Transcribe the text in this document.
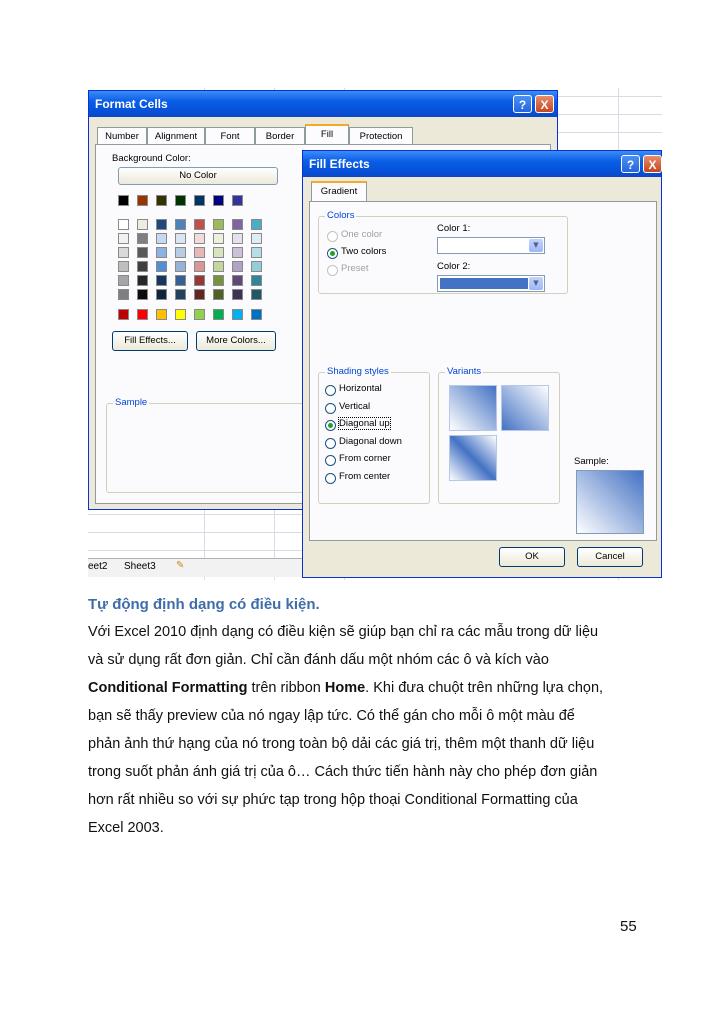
Format Cells	?	X
Number	Alignment	Font	Border	Fill	Protection
Background Color:
No Color
Fill Effects...	More Colors...
Sample
eet2 Sheet3 ✎
Fill Effects	?	X
Gradient
Colors
One color
Two colors
Preset
Color 1:
▼
Color 2:
▼
Shading styles
Horizontal
Vertical
Diagonal up
Diagonal down
From corner
From center
Variants
Sample:
OK	Cancel
Tự động định dạng có điều kiện.
Với Excel 2010 định dạng có điều kiện sẽ giúp bạn chỉ ra các mẫu trong dữ liệu
và sử dụng rất đơn giản. Chỉ cần đánh dấu một nhóm các ô và kích vào
Conditional Formatting trên ribbon Home. Khi đưa chuột trên những lựa chọn,
bạn sẽ thấy preview của nó ngay lập tức. Có thể gán cho mỗi ô một màu để
phản ảnh thứ hạng của nó trong toàn bộ dải các giá trị, thêm một thanh dữ liệu
trong suốt phản ánh giá trị của ô… Cách thức tiến hành này cho phép đơn giản
hơn rất nhiều so với sự phức tạp trong hộp thoại Conditional Formatting của
Excel 2003.
55
